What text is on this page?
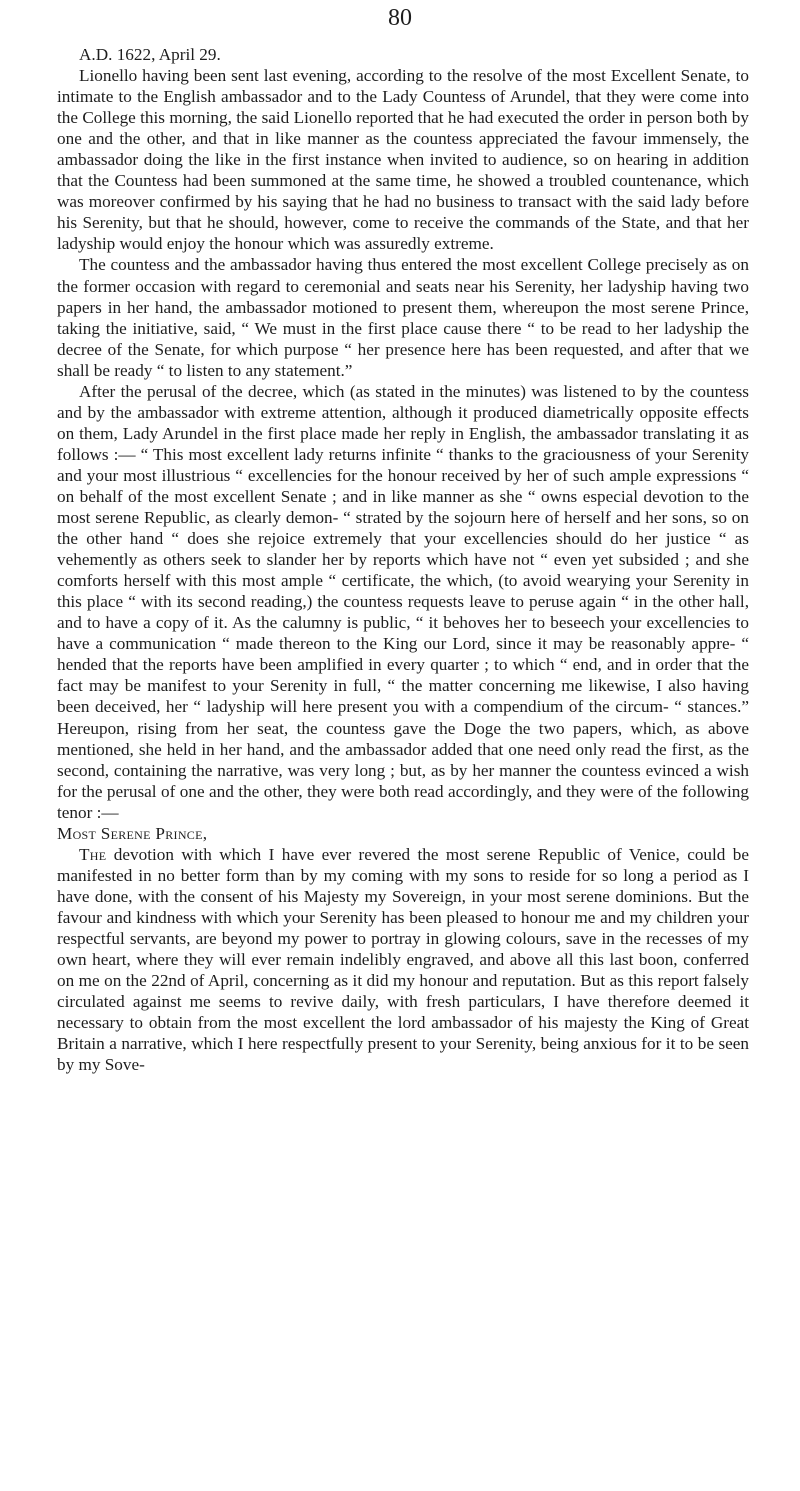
80

A.D. 1622, April 29.

Lionello having been sent last evening, according to the resolve of the most Excellent Senate, to intimate to the English ambassador and to the Lady Countess of Arundel, that they were come into the College this morning, the said Lionello reported that he had executed the order in person both by one and the other, and that in like manner as the countess appreciated the favour immensely, the ambassador doing the like in the first instance when invited to audience, so on hearing in addition that the Countess had been summoned at the same time, he showed a troubled countenance, which was moreover confirmed by his saying that he had no business to transact with the said lady before his Serenity, but that he should, however, come to receive the commands of the State, and that her ladyship would enjoy the honour which was assuredly extreme.

The countess and the ambassador having thus entered the most excellent College precisely as on the former occasion with regard to ceremonial and seats near his Serenity, her ladyship having two papers in her hand, the ambassador motioned to present them, whereupon the most serene Prince, taking the initiative, said, “ We must in the first place cause there “ to be read to her ladyship the decree of the Senate, for which purpose “ her presence here has been requested, and after that we shall be ready “ to listen to any statement.”

After the perusal of the decree, which (as stated in the minutes) was listened to by the countess and by the ambassador with extreme attention, although it produced diametrically opposite effects on them, Lady Arundel in the first place made her reply in English, the ambassador translating it as follows :— “ This most excellent lady returns infinite “ thanks to the graciousness of your Serenity and your most illustrious “ excellencies for the honour received by her of such ample expressions “ on behalf of the most excellent Senate ; and in like manner as she “ owns especial devotion to the most serene Republic, as clearly demon- “ strated by the sojourn here of herself and her sons, so on the other hand “ does she rejoice extremely that your excellencies should do her justice “ as vehemently as others seek to slander her by reports which have not “ even yet subsided ; and she comforts herself with this most ample “ certificate, the which, (to avoid wearying your Serenity in this place “ with its second reading,) the countess requests leave to peruse again “ in the other hall, and to have a copy of it. As the calumny is public, “ it behoves her to beseech your excellencies to have a communication “ made thereon to the King our Lord, since it may be reasonably appre- “ hended that the reports have been amplified in every quarter ; to which “ end, and in order that the fact may be manifest to your Serenity in full, “ the matter concerning me likewise, I also having been deceived, her “ ladyship will here present you with a compendium of the circum- “ stances.” Hereupon, rising from her seat, the countess gave the Doge the two papers, which, as above mentioned, she held in her hand, and the ambassador added that one need only read the first, as the second, containing the narrative, was very long ; but, as by her manner the countess evinced a wish for the perusal of one and the other, they were both read accordingly, and they were of the following tenor :—

Most Serene Prince,

The devotion with which I have ever revered the most serene Republic of Venice, could be manifested in no better form than by my coming with my sons to reside for so long a period as I have done, with the consent of his Majesty my Sovereign, in your most serene dominions. But the favour and kindness with which your Serenity has been pleased to honour me and my children your respectful servants, are beyond my power to portray in glowing colours, save in the recesses of my own heart, where they will ever remain indelibly engraved, and above all this last boon, conferred on me on the 22nd of April, concerning as it did my honour and reputation. But as this report falsely circulated against me seems to revive daily, with fresh particulars, I have therefore deemed it necessary to obtain from the most excellent the lord ambassador of his majesty the King of Great Britain a narrative, which I here respectfully present to your Serenity, being anxious for it to be seen by my Sove-
